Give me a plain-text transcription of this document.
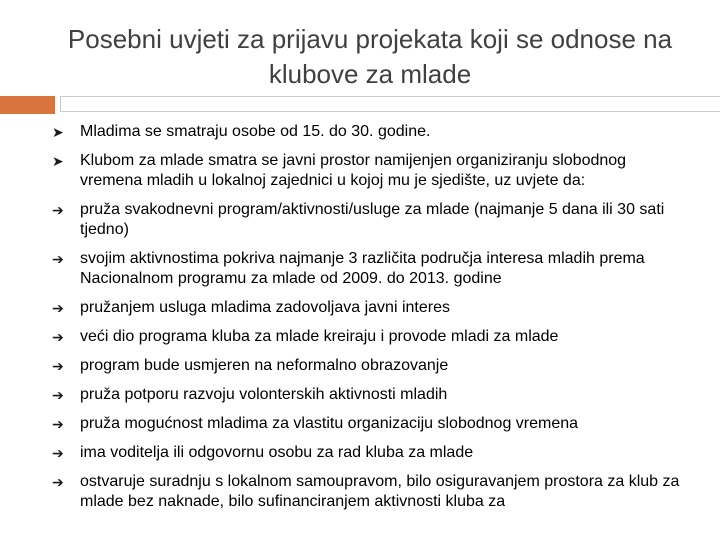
Posebni uvjeti za prijavu projekata koji se odnose na klubove za mlade
➤ Mladima se smatraju osobe od 15. do 30. godine.
➤ Klubom za mlade smatra se javni prostor namijenjen organiziranju slobodnog vremena mladih u lokalnoj zajednici u kojoj mu je sjedište, uz uvjete da:
➔ pruža svakodnevni program/aktivnosti/usluge za mlade (najmanje 5 dana ili 30 sati tjedno)
➔ svojim aktivnostima pokriva najmanje 3 različita područja interesa mladih prema Nacionalnom programu za mlade od 2009. do 2013. godine
➔ pružanjem usluga mladima zadovoljava javni interes
➔ veći dio programa kluba za mlade kreiraju i provode mladi za mlade
➔ program bude usmjeren na neformalno obrazovanje
➔ pruža potporu razvoju volonterskih aktivnosti mladih
➔ pruža mogućnost mladima za vlastitu organizaciju slobodnog vremena
➔ ima voditelja ili odgovornu osobu za rad kluba za mlade
➔ ostvaruje suradnju s lokalnom samoupravom, bilo osiguravanjem prostora za klub za mlade bez naknade, bilo sufinanciranjem aktivnosti kluba za
